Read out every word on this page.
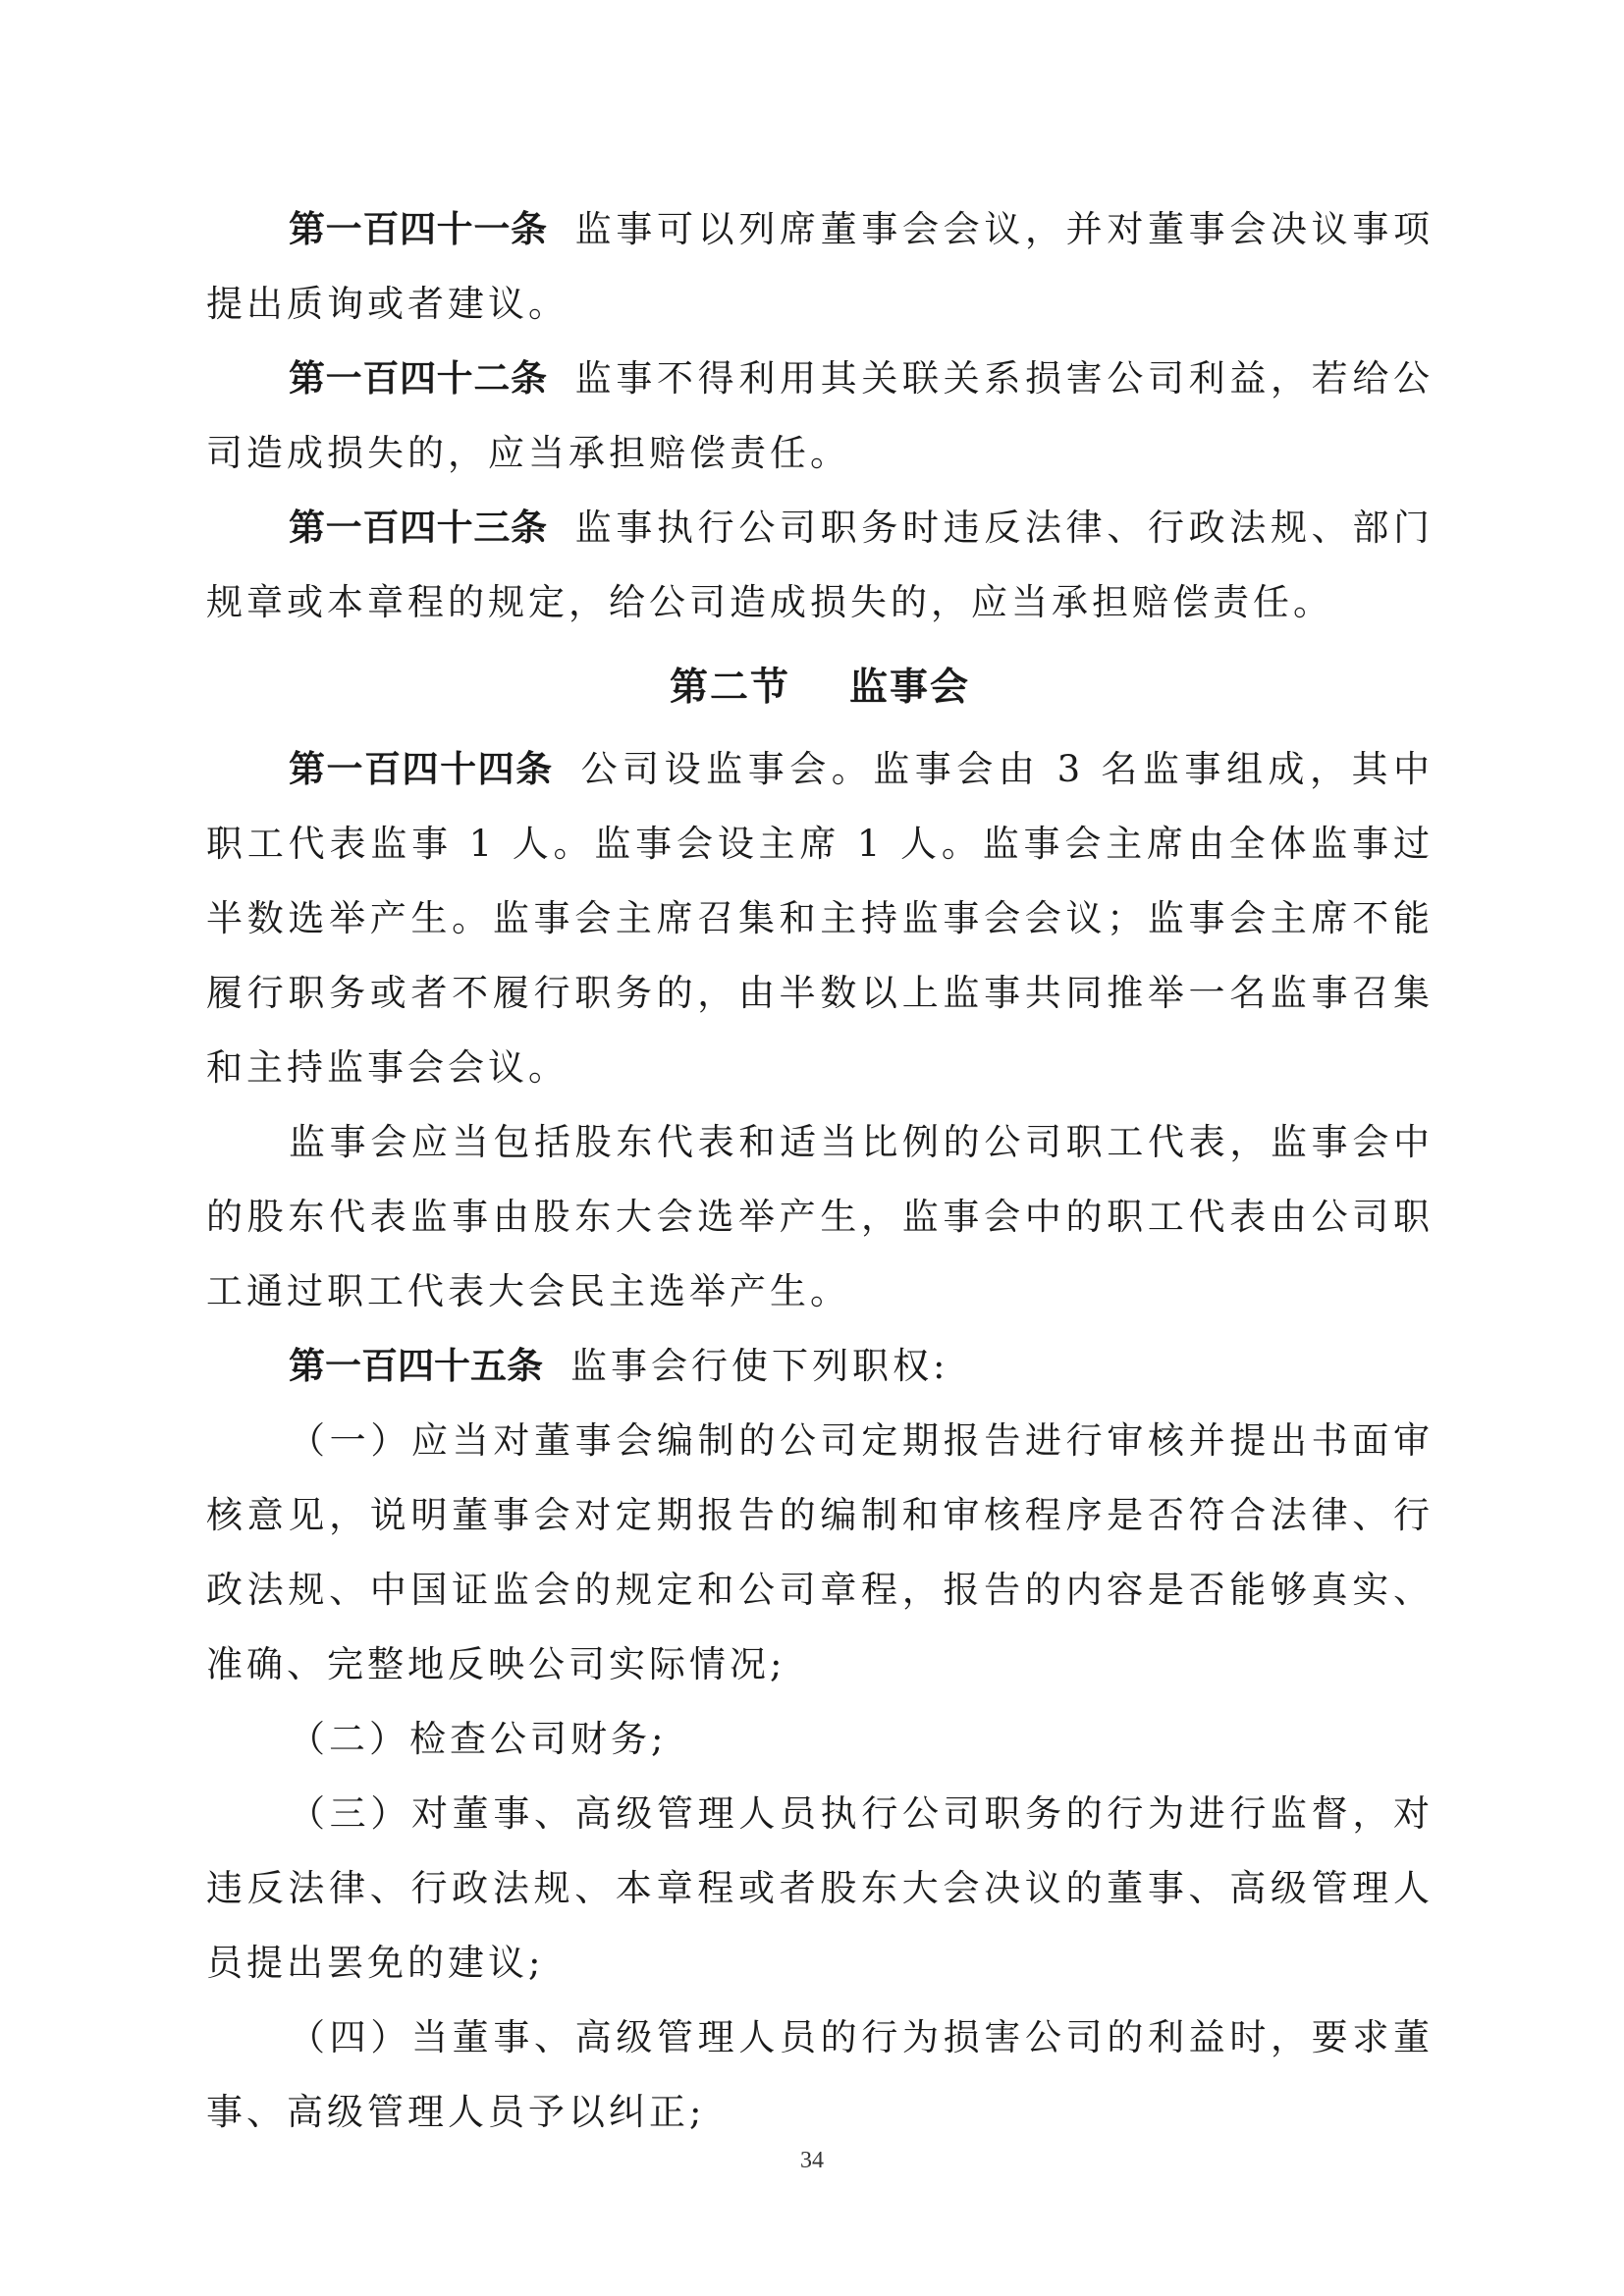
第一百四十一条 监事可以列席董事会会议，并对董事会决议事项提出质询或者建议。

第一百四十二条 监事不得利用其关联关系损害公司利益，若给公司造成损失的，应当承担赔偿责任。

第一百四十三条 监事执行公司职务时违反法律、行政法规、部门规章或本章程的规定，给公司造成损失的，应当承担赔偿责任。

第二节 监事会

第一百四十四条 公司设监事会。监事会由 3 名监事组成，其中职工代表监事 1 人。监事会设主席 1 人。监事会主席由全体监事过半数选举产生。监事会主席召集和主持监事会会议；监事会主席不能履行职务或者不履行职务的，由半数以上监事共同推举一名监事召集和主持监事会会议。

监事会应当包括股东代表和适当比例的公司职工代表，监事会中的股东代表监事由股东大会选举产生，监事会中的职工代表由公司职工通过职工代表大会民主选举产生。

第一百四十五条 监事会行使下列职权:

（一）应当对董事会编制的公司定期报告进行审核并提出书面审核意见，说明董事会对定期报告的编制和审核程序是否符合法律、行政法规、中国证监会的规定和公司章程，报告的内容是否能够真实、准确、完整地反映公司实际情况;

（二）检查公司财务;

（三）对董事、高级管理人员执行公司职务的行为进行监督，对违反法律、行政法规、本章程或者股东大会决议的董事、高级管理人员提出罢免的建议;

（四）当董事、高级管理人员的行为损害公司的利益时，要求董事、高级管理人员予以纠正;

34
